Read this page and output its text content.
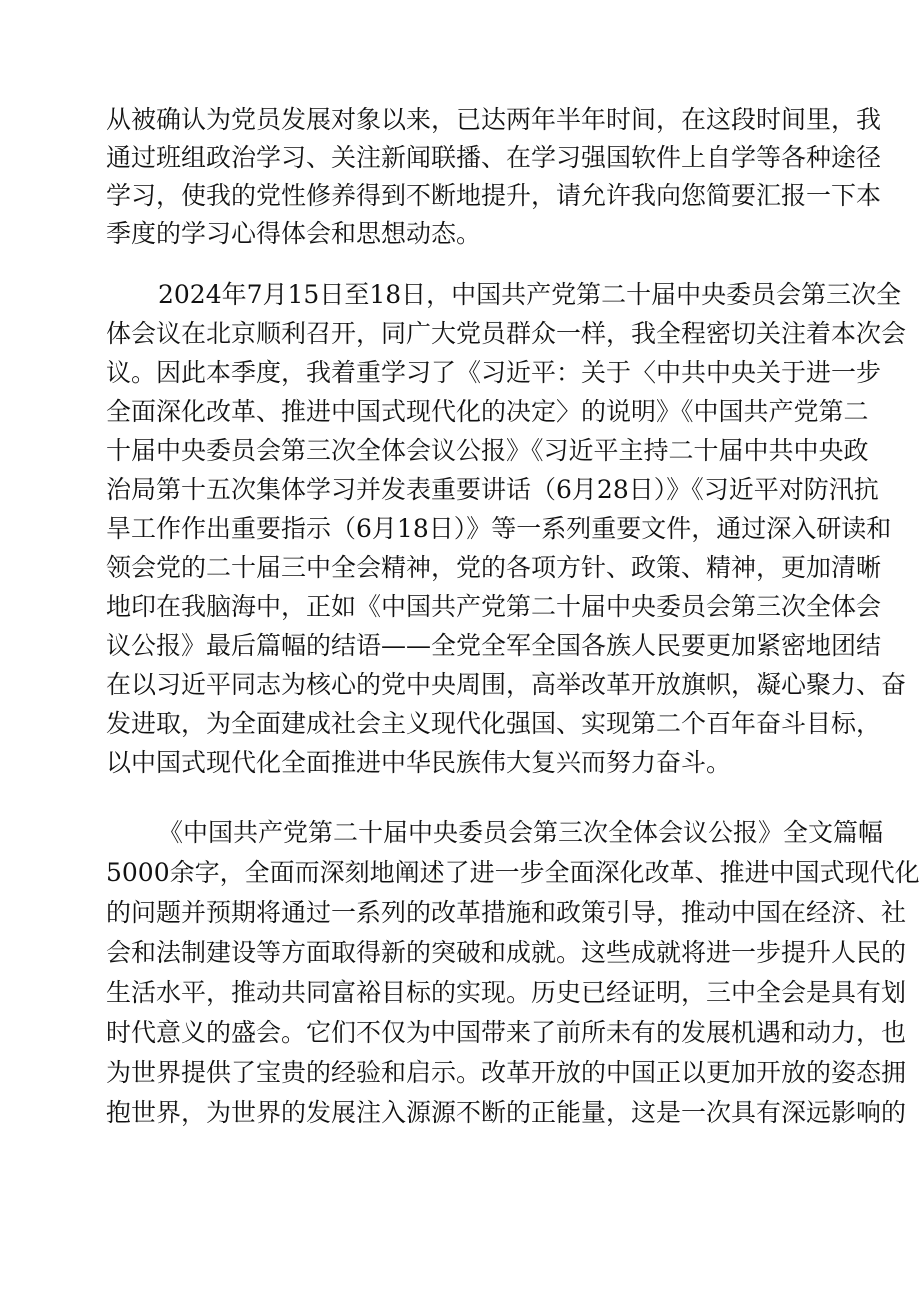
从被确认为党员发展对象以来，已达两年半年时间，在这段时间里，我
通过班组政治学习、关注新闻联播、在学习强国软件上自学等各种途径
学习，使我的党性修养得到不断地提升，请允许我向您简要汇报一下本
季度的学习心得体会和思想动态。
2024年7月15日至18日，中国共产党第二十届中央委员会第三次全
体会议在北京顺利召开，同广大党员群众一样，我全程密切关注着本次会
议。因此本季度，我着重学习了《习近平：关于〈中共中央关于进一步
全面深化改革、推进中国式现代化的决定〉的说明》《中国共产党第二
十届中央委员会第三次全体会议公报》《习近平主持二十届中共中央政
治局第十五次集体学习并发表重要讲话（6月28日）》《习近平对防汛抗
旱工作作出重要指示（6月18日）》等一系列重要文件，通过深入研读和
领会党的二十届三中全会精神，党的各项方针、政策、精神，更加清晰
地印在我脑海中，正如《中国共产党第二十届中央委员会第三次全体会
议公报》最后篇幅的结语——全党全军全国各族人民要更加紧密地团结
在以习近平同志为核心的党中央周围，高举改革开放旗帜，凝心聚力、奋
发进取，为全面建成社会主义现代化强国、实现第二个百年奋斗目标，
以中国式现代化全面推进中华民族伟大复兴而努力奋斗。
《中国共产党第二十届中央委员会第三次全体会议公报》全文篇幅
5000余字，全面而深刻地阐述了进一步全面深化改革、推进中国式现代化
的问题并预期将通过一系列的改革措施和政策引导，推动中国在经济、社
会和法制建设等方面取得新的突破和成就。这些成就将进一步提升人民的
生活水平，推动共同富裕目标的实现。历史已经证明，三中全会是具有划
时代意义的盛会。它们不仅为中国带来了前所未有的发展机遇和动力，也
为世界提供了宝贵的经验和启示。改革开放的中国正以更加开放的姿态拥
抱世界，为世界的发展注入源源不断的正能量，这是一次具有深远影响的
